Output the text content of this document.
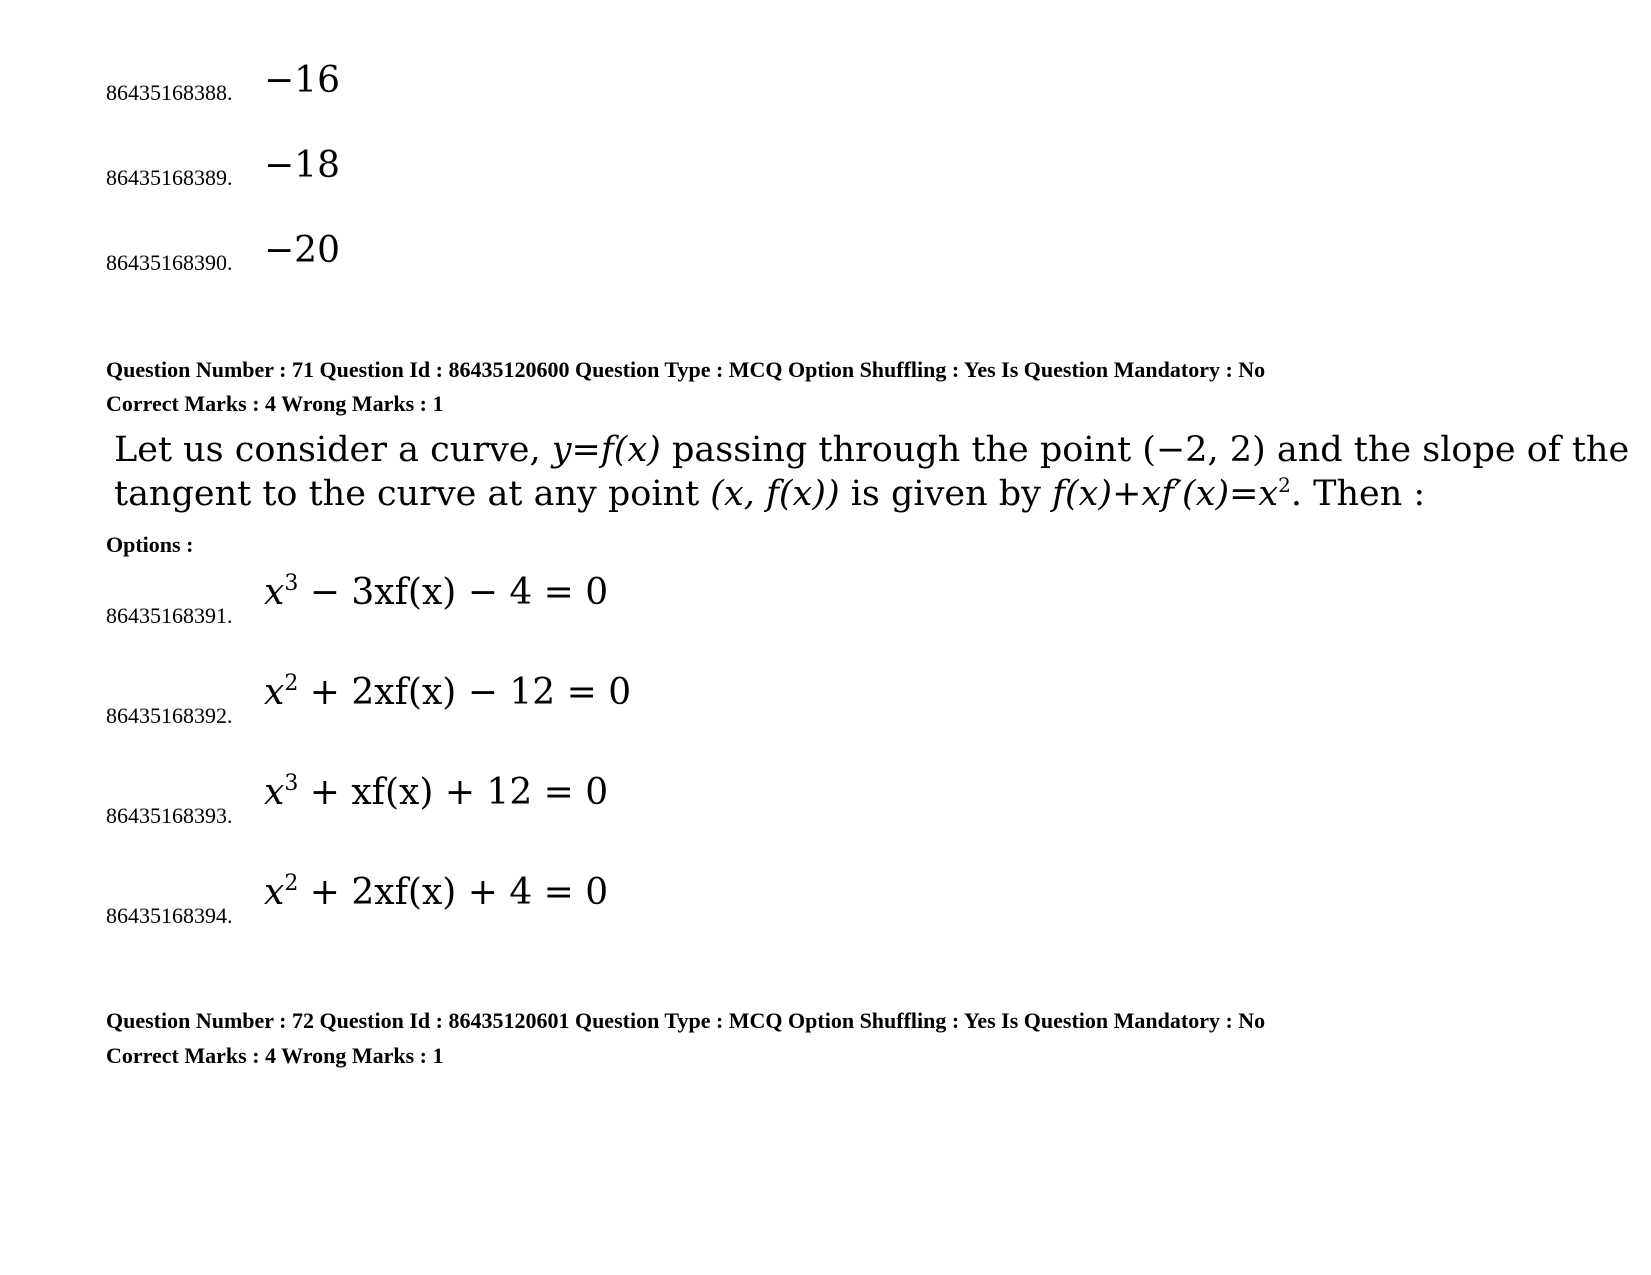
86435168388. −16
86435168389. −18
86435168390. −20
Question Number : 71 Question Id : 86435120600 Question Type : MCQ Option Shuffling : Yes Is Question Mandatory : No
Correct Marks : 4 Wrong Marks : 1
Let us consider a curve, y=f(x) passing through the point (−2, 2) and the slope of the
tangent to the curve at any point (x, f(x)) is given by $f(x)+xf'(x)=x^2$. Then :
Options :
86435168391.
$x^3 - 3xf(x) - 4 = 0$
86435168392.
$x^2 + 2xf(x) - 12 = 0$
86435168393.
$x^3 + xf(x) + 12 = 0$
86435168394.
$x^2 + 2xf(x) + 4 = 0$
Question Number : 72 Question Id : 86435120601 Question Type : MCQ Option Shuffling : Yes Is Question Mandatory : No
Correct Marks : 4 Wrong Marks : 1
